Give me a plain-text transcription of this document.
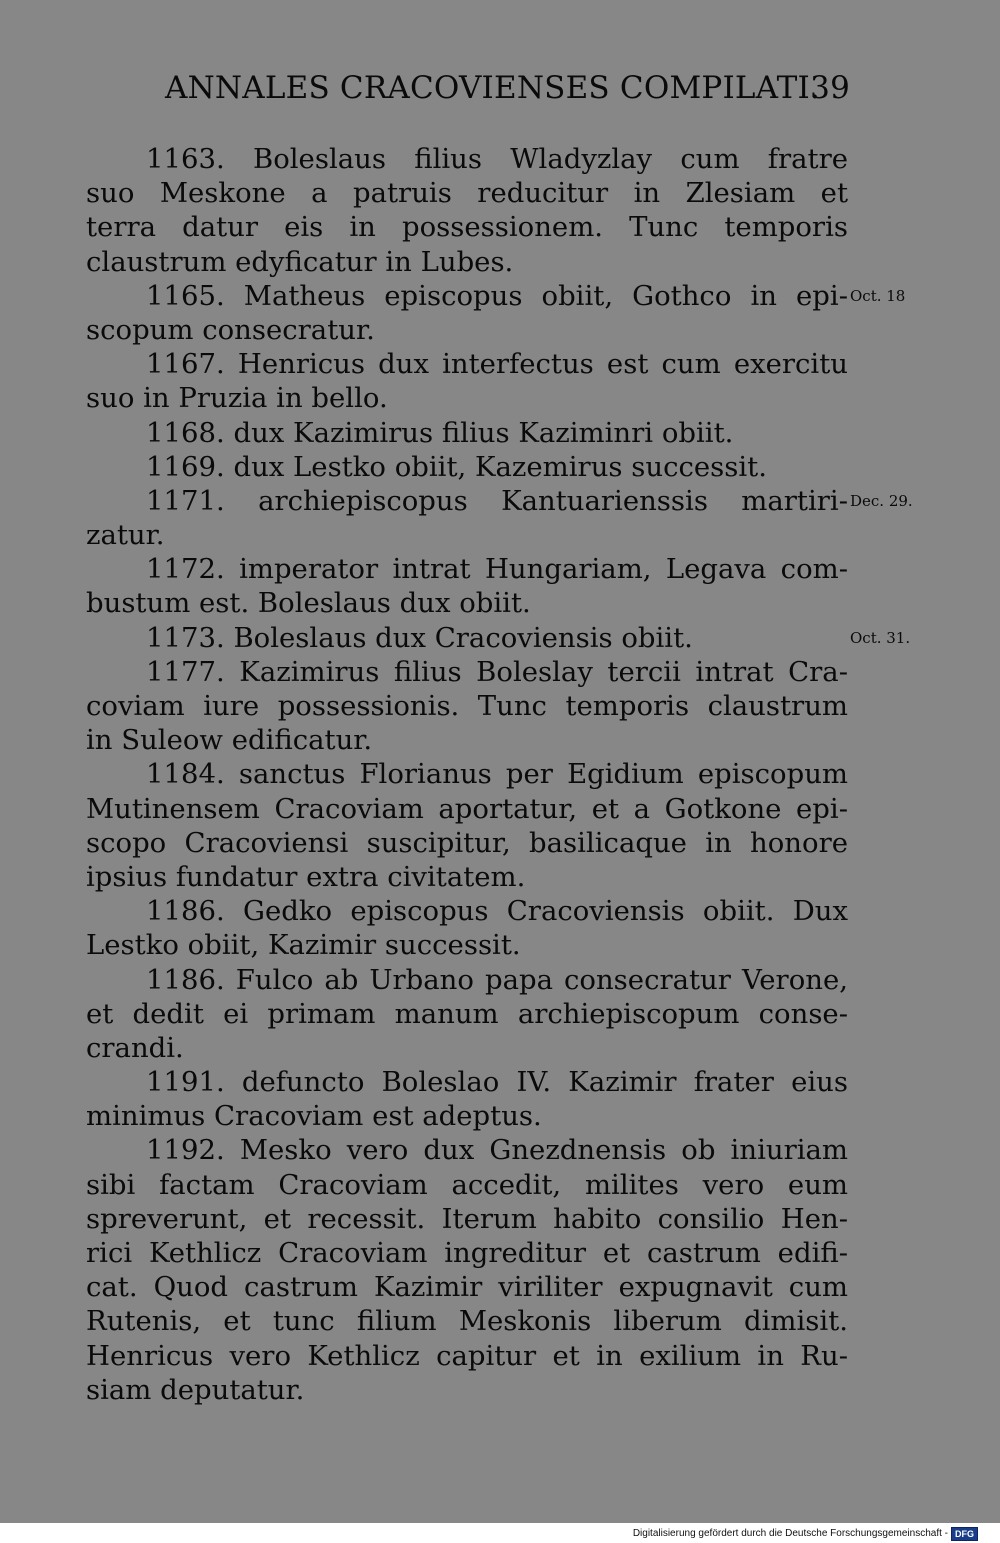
ANNALES CRACOVIENSES COMPILATI.
39
1163. Boleslaus filius Wladyzlay cum fratre
suo Meskone a patruis reducitur in Zlesiam et
terra datur eis in possessionem. Tunc temporis
claustrum edyficatur in Lubes.
1165. Matheus episcopus obiit, Gothco in epi-
scopum consecratur.
1167. Henricus dux interfectus est cum exercitu
suo in Pruzia in bello.
1168. dux Kazimirus filius Kaziminri obiit.
1169. dux Lestko obiit, Kazemirus successit.
1171. archiepiscopus Kantuarienssis martiri-
zatur.
1172. imperator intrat Hungariam, Legava com-
bustum est. Boleslaus dux obiit.
1173. Boleslaus dux Cracoviensis obiit.
1177. Kazimirus filius Boleslay tercii intrat Cra-
coviam iure possessionis. Tunc temporis claustrum
in Suleow edificatur.
1184. sanctus Florianus per Egidium episcopum
Mutinensem Cracoviam aportatur, et a Gotkone epi-
scopo Cracoviensi suscipitur, basilicaque in honore
ipsius fundatur extra civitatem.
1186. Gedko episcopus Cracoviensis obiit. Dux
Lestko obiit, Kazimir successit.
1186. Fulco ab Urbano papa consecratur Verone,
et dedit ei primam manum archiepiscopum conse-
crandi.
1191. defuncto Boleslao IV. Kazimir frater eius
minimus Cracoviam est adeptus.
1192. Mesko vero dux Gnezdnensis ob iniuriam
sibi factam Cracoviam accedit, milites vero eum
spreverunt, et recessit. Iterum habito consilio Hen-
rici Kethlicz Cracoviam ingreditur et castrum edifi-
cat. Quod castrum Kazimir viriliter expugnavit cum
Rutenis, et tunc filium Meskonis liberum dimisit.
Henricus vero Kethlicz capitur et in exilium in Ru-
siam deputatur.
Oct. 18
Dec. 29.
Oct. 31.
Digitalisierung gefördert durch die Deutsche Forschungsgemeinschaft - DFG
